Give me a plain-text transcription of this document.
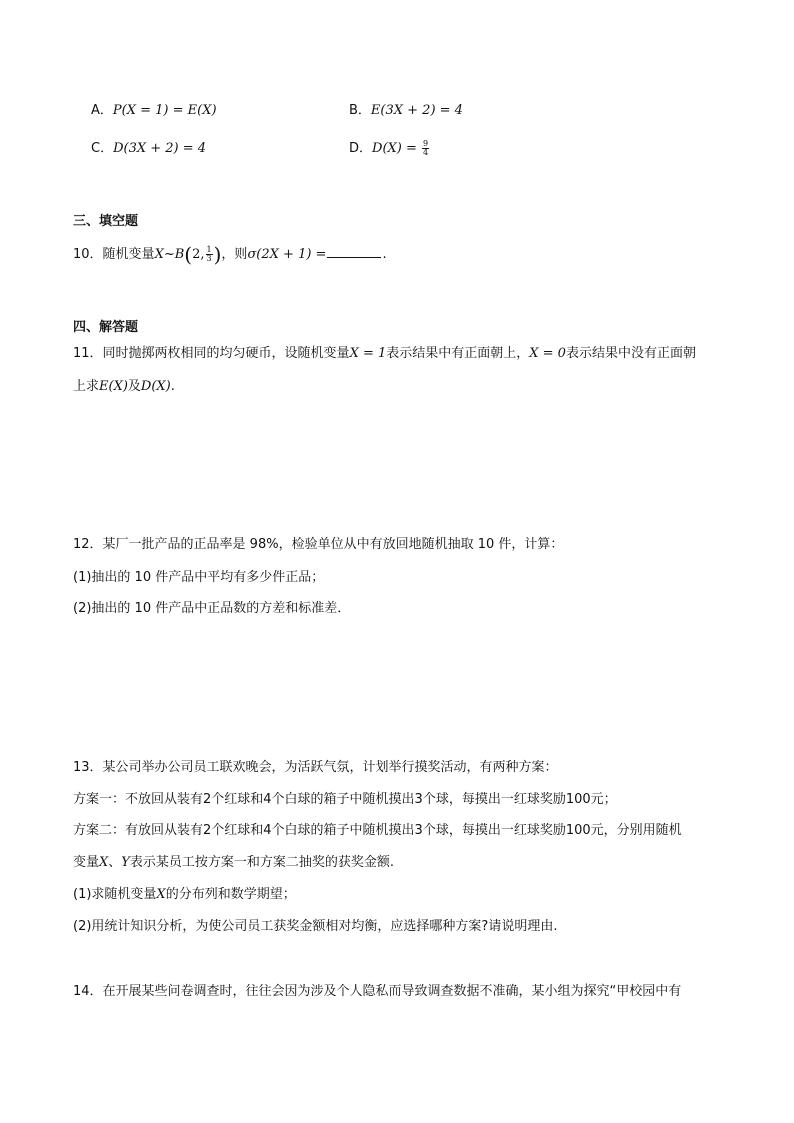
A．P(X = 1) = E(X)	B．E(3X + 2) = 4
C．D(3X + 2) = 4	D．$D(X) = \frac{9}{4}$
三、填空题
10．随机变量X~B(2, $\frac{1}{3}$ )，则σ(2X + 1) =	.
四、解答题
11．同时抛掷两枚相同的均匀硬币，设随机变量X = 1表示结果中有正面朝上，X = 0表示结果中没有正面朝
上求E(X)及D(X).
12．某厂一批产品的正品率是 98%，检验单位从中有放回地随机抽取 10 件，计算：
(1)抽出的 10 件产品中平均有多少件正品；
(2)抽出的 10 件产品中正品数的方差和标准差．
13．某公司举办公司员工联欢晚会，为活跃气氛，计划举行摸奖活动，有两种方案：
方案一：不放回从装有2个红球和4个白球的箱子中随机摸出3个球，每摸出一红球奖励100元；
方案二：有放回从装有2个红球和4个白球的箱子中随机摸出3个球，每摸出一红球奖励100元，分别用随机
变量X、Y表示某员工按方案一和方案二抽奖的获奖金额.
(1)求随机变量X的分布列和数学期望；
(2)用统计知识分析，为使公司员工获奖金额相对均衡，应选择哪种方案?请说明理由.
14．在开展某些问卷调查时，往往会因为涉及个人隐私而导致调查数据不准确，某小组为探究“甲校园中有
